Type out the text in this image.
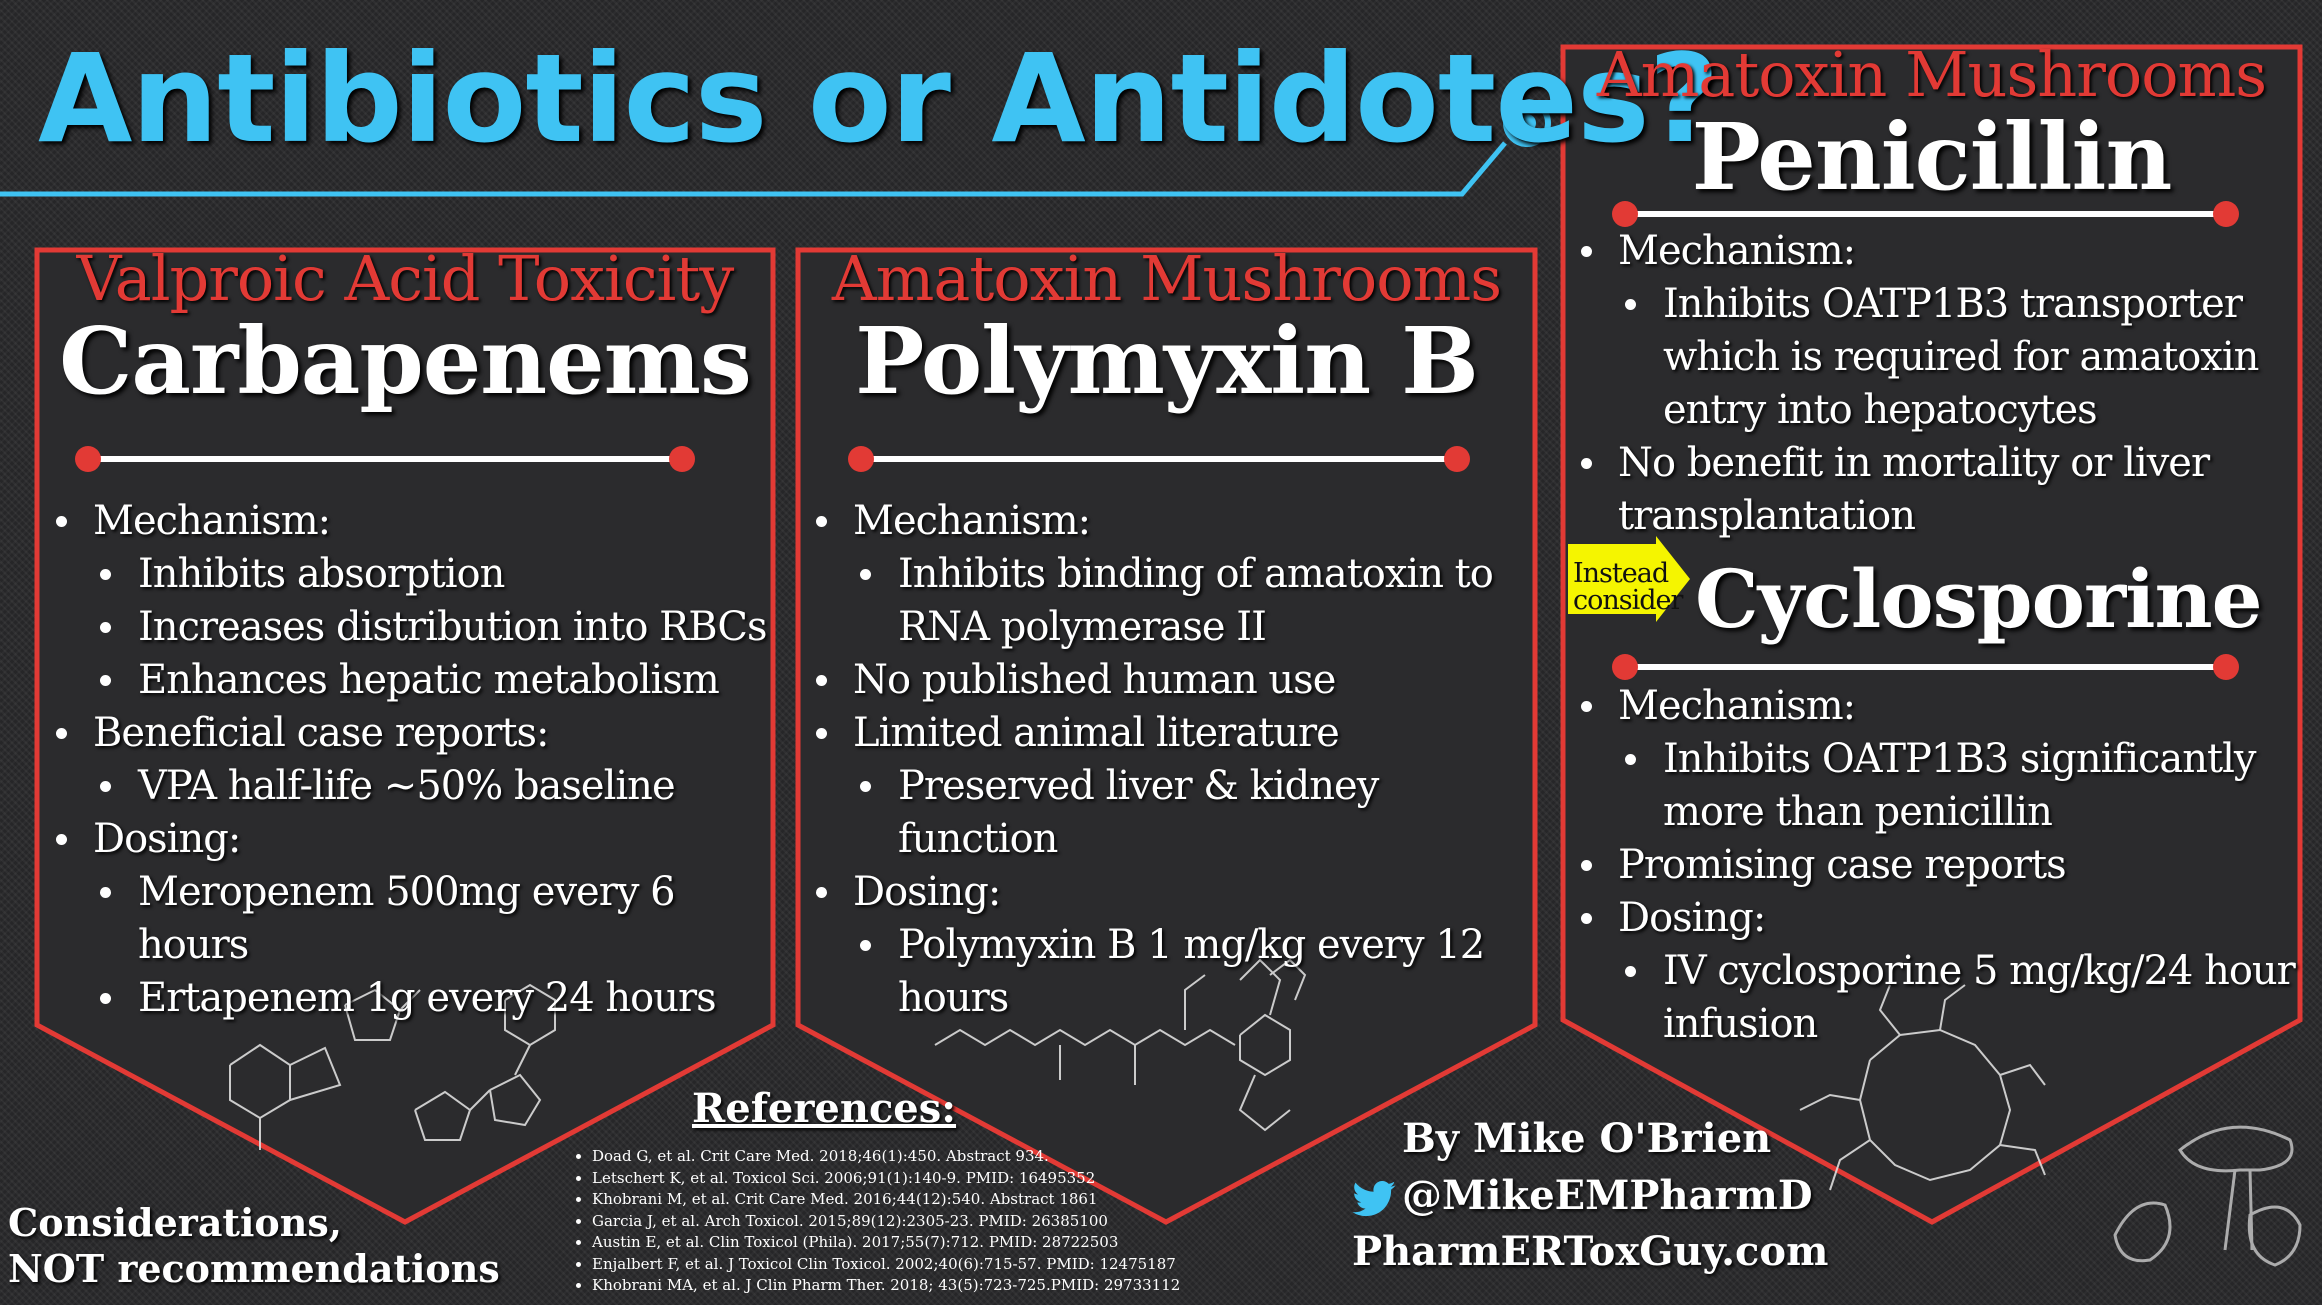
Antibiotics or Antidotes?
Valproic Acid Toxicity
Carbapenems
Mechanism:
Inhibits absorption
Increases distribution into RBCs
Enhances hepatic metabolism
Beneficial case reports:
VPA half-life ~50% baseline
Dosing:
Meropenem 500mg every 6 hours
Ertapenem 1g every 24 hours
Amatoxin Mushrooms
Polymyxin B
Mechanism:
Inhibits binding of amatoxin to
RNA polymerase II
No published human use
Limited animal literature
Preserved liver & kidney function
Dosing:
Polymyxin B 1 mg/kg every 12
hours
Amatoxin Mushrooms
Penicillin
Mechanism:
Inhibits OATP1B3 transporter
which is required for amatoxin
entry into hepatocytes
No benefit in mortality or liver
transplantation
Instead consider Cyclosporine
Mechanism:
Inhibits OATP1B3 significantly
more than penicillin
Promising case reports
Dosing:
IV cyclosporine 5 mg/kg/24 hour
infusion
References:
• Doad G, et al. Crit Care Med. 2018;46(1):450. Abstract 934.
• Letschert K, et al. Toxicol Sci. 2006;91(1):140-9. PMID: 16495352
• Khobrani M, et al. Crit Care Med. 2016;44(12):540. Abstract 1861
• Garcia J, et al. Arch Toxicol. 2015;89(12):2305-23. PMID: 26385100
• Austin E, et al. Clin Toxicol (Phila). 2017;55(7):712. PMID: 28722503
• Enjalbert F, et al. J Toxicol Clin Toxicol. 2002;40(6):715-57. PMID: 12475187
• Khobrani MA, et al. J Clin Pharm Ther. 2018; 43(5):723-725.PMID: 29733112
Considerations,
NOT recommendations
By Mike O'Brien
@MikeEMPharmD
PharmERToxGuy.com
